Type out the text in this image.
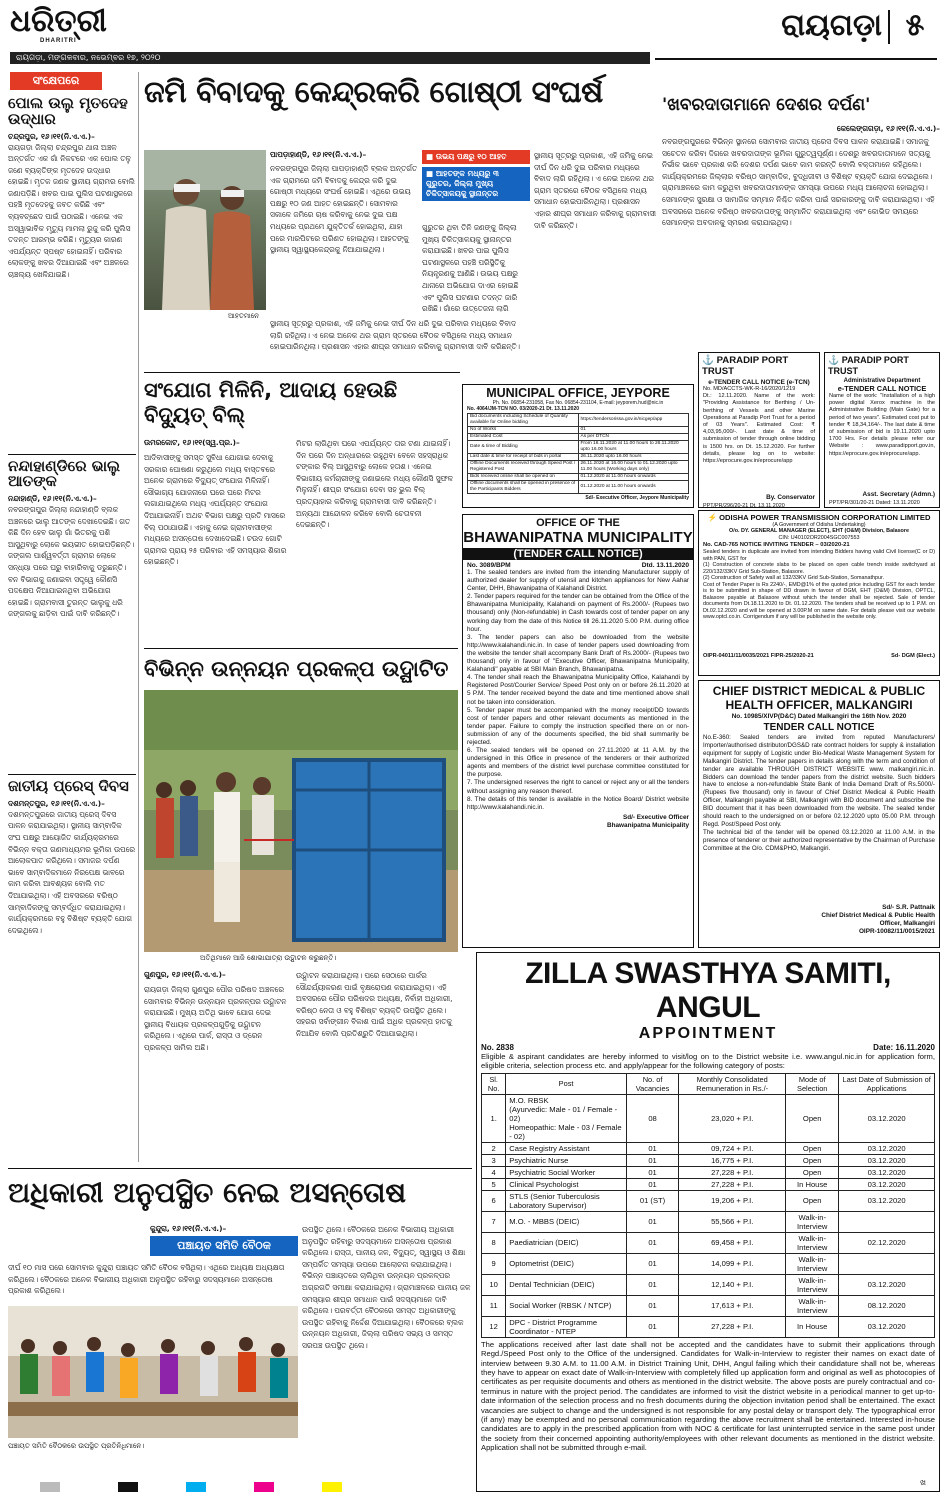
ଧରିତ୍ରୀ
DHARITRI
ରାୟଗଡ଼ା, ମଙ୍ଗଳବାର, ନଭେମ୍ବର ୧୭, ୨୦୨୦
ରାୟଗଡ଼ା ୫
ସଂକ୍ଷେପରେ
ପୋଲ ଉଲୁ ମୃତଦେହ ଉଦ୍ଧାର
ଚନ୍ଦ୍ରପୁର, ୧୬।୧୧(ନି.ଏ.ଏ.)–
ରାୟଗଡ଼ା ଜିଲ୍ଲା ଚନ୍ଦ୍ରପୁର ଥାନା ଅଞ୍ଚଳ ଅନ୍ତର୍ଗତ ଏକ ଗାଁ ନିକଟରେ ଏକ ପୋଲ ତଳୁ ଜଣେ ବ୍ୟକ୍ତିଙ୍କ ମୃତଦେହ ଉଦ୍ଧାର ହୋଇଛି। ମୃତକ ଜଣକ ସ୍ଥାନୀୟ ଗ୍ରାମର ବୋଲି ଜଣାପଡ଼ିଛି। ଖବର ପାଇ ପୁଲିସ ଘଟଣାସ୍ଥଳରେ ପହଞ୍ଚି ମୃତଦେହକୁ ଜବତ କରିଛି ଏବଂ ବ୍ୟବଚ୍ଛେଦ ପାଇଁ ପଠାଇଛି। ଏନେଇ ଏକ ଅସ୍ୱାଭାବିକ ମୃତ୍ୟୁ ମାମଲା ରୁଜୁ କରି ପୁଲିସ ତଦନ୍ତ ଆରମ୍ଭ କରିଛି। ମୃତ୍ୟୁର କାରଣ ଏପର୍ଯ୍ୟନ୍ତ ସ୍ପଷ୍ଟ ହୋଇନାହିଁ। ପରିବାର ଲୋକଙ୍କୁ ଖବର ଦିଆଯାଇଛି ଏବଂ ଅଞ୍ଚଳରେ ଚାଞ୍ଚଲ୍ୟ ଖେଳିଯାଇଛି।
ନନ୍ଦାହାଣ୍ଡିରେ ଭାଲୁ ଆତଙ୍କ
ନନ୍ଦାହାଣ୍ଡି, ୧୬।୧୧(ନି.ଏ.ଏ.)–
ନବରଙ୍ଗପୁର ଜିଲ୍ଲା ନନ୍ଦାହାଣ୍ଡି ବ୍ଲକ ଅଞ୍ଚଳରେ ଭାଲୁ ଆତଙ୍କ ଦେଖାଦେଇଛି। ଗତ କିଛି ଦିନ ହେବ ଭାଲୁ ଗାଁ ଭିତରକୁ ପଶି ଆସୁଥିବାରୁ ଲୋକେ ଭୟଭୀତ ହୋଇପଡ଼ିଛନ୍ତି। ଜଙ୍ଗଲ ପାର୍ଶ୍ୱବର୍ତ୍ତୀ ଗ୍ରାମର ଲୋକେ ସନ୍ଧ୍ୟା ପରେ ଘରୁ ବାହାରିବାକୁ ଡରୁଛନ୍ତି। ବନ ବିଭାଗକୁ ଜଣାଇବା ସତ୍ତ୍ୱେ କୌଣସି ପଦକ୍ଷେପ ନିଆଯାଇନଥିବା ଅଭିଯୋଗ ହୋଇଛି। ଗ୍ରାମବାସୀ ତୁରନ୍ତ ଭାଲୁକୁ ଧରି ଜଙ୍ଗଲକୁ ଛାଡ଼ିବା ପାଇଁ ଦାବି କରିଛନ୍ତି।
ଜାତୀୟ ପ୍ରେସ୍ ଦିବସ
ଦଶମନ୍ତପୁର, ୧୬।୧୧(ନି.ଏ.ଏ.)–
ଦଶମନ୍ତପୁରରେ ଜାତୀୟ ପ୍ରେସ୍ ଦିବସ ପାଳନ କରାଯାଇଥିଲା। ସ୍ଥାନୀୟ ସାମ୍ବାଦିକ ସଂଘ ପକ୍ଷରୁ ଆୟୋଜିତ କାର୍ଯ୍ୟକ୍ରମରେ ବିଭିନ୍ନ ବକ୍ତା ଗଣମାଧ୍ୟମର ଭୂମିକା ଉପରେ ଆଲୋକପାତ କରିଥିଲେ। ସମାଜର ଦର୍ପଣ ଭାବେ ସାମ୍ବାଦିକମାନେ ନିରପେକ୍ଷ ଭାବରେ କାମ କରିବା ଆବଶ୍ୟକ ବୋଲି ମତ ଦିଆଯାଇଥିଲା। ଏହି ଅବସରରେ ବରିଷ୍ଠ ସାମ୍ବାଦିକଙ୍କୁ ସମ୍ବର୍ଦ୍ଧିତ କରାଯାଇଥିଲା। କାର୍ଯ୍ୟକ୍ରମରେ ବହୁ ବିଶିଷ୍ଟ ବ୍ୟକ୍ତି ଯୋଗ ଦେଇଥିଲେ।
ଜମି ବିବାଦକୁ କେନ୍ଦ୍ରକରି ଗୋଷ୍ଠୀ ସଂଘର୍ଷ
ଆହତମାନେ
ପାପଡ଼ାହାଣ୍ଡି, ୧୬।୧୧(ନି.ଏ.ଏ.)–
ନବରଙ୍ଗପୁର ଜିଲ୍ଲା ପାପଡ଼ାହାଣ୍ଡି ବ୍ଲକ ଅନ୍ତର୍ଗତ ଏକ ଗ୍ରାମରେ ଜମି ବିବାଦକୁ କେନ୍ଦ୍ର କରି ଦୁଇ ଗୋଷ୍ଠୀ ମଧ୍ୟରେ ସଂଘର୍ଷ ହୋଇଛି। ଏଥିରେ ଉଭୟ ପକ୍ଷରୁ ୧୦ ଜଣ ଆହତ ହୋଇଛନ୍ତି। ସୋମବାର ସକାଳେ ଜମିରେ ଚାଷ କରିବାକୁ ନେଇ ଦୁଇ ପକ୍ଷ ମଧ୍ୟରେ ପ୍ରଥମେ ଯୁକ୍ତିତର୍କ ହୋଇଥିଲା, ଯାହା ପରେ ମାରପିଟରେ ପରିଣତ ହୋଇଥିଲା। ଆହତଙ୍କୁ ସ୍ଥାନୀୟ ସ୍ୱାସ୍ଥ୍ୟକେନ୍ଦ୍ରକୁ ନିଆଯାଇଥିଲା।
■ ଉଭୟ ପକ୍ଷରୁ ୧୦ ଆହତ
■ ଆହତଙ୍କ ମଧ୍ୟରୁ ୩ ଗୁରୁତର, ଜିଲ୍ଲା ମୁଖ୍ୟ ଚିକିତ୍ସାଳୟକୁ ସ୍ଥାନାନ୍ତର
ଗୁରୁତର ଥିବା ତିନି ଜଣଙ୍କୁ ଜିଲ୍ଲା ମୁଖ୍ୟ ଚିକିତ୍ସାଳୟକୁ ସ୍ଥାନାନ୍ତର କରାଯାଇଛି। ଖବର ପାଇ ପୁଲିସ ଘଟଣାସ୍ଥଳରେ ପହଞ୍ଚି ପରିସ୍ଥିତିକୁ ନିୟନ୍ତ୍ରଣକୁ ଆଣିଛି। ଉଭୟ ପକ୍ଷରୁ ଥାନାରେ ଅଭିଯୋଗ ଦାଏର ହୋଇଛି ଏବଂ ପୁଲିସ ଘଟଣାର ତଦନ୍ତ ଜାରି ରଖିଛି। ଗାଁରେ ଉତ୍ତେଜନା ଲାଗି
ସ୍ଥାନୀୟ ସୂତ୍ରରୁ ପ୍ରକାଶ, ଏହି ଜମିକୁ ନେଇ ଦୀର୍ଘ ଦିନ ଧରି ଦୁଇ ପରିବାର ମଧ୍ୟରେ ବିବାଦ ଲାଗି ରହିଥିଲା। ଏ ନେଇ ଅନେକ ଥର ଗ୍ରାମ ସ୍ତରରେ ବୈଠକ ବସିଥିଲେ ମଧ୍ୟ ସମାଧାନ ହୋଇପାରିନଥିଲା। ପ୍ରଶାସନ ଏହାର ଶୀଘ୍ର ସମାଧାନ କରିବାକୁ ଗ୍ରାମବାସୀ ଦାବି କରିଛନ୍ତି।
ସ୍ଥାନୀୟ ସୂତ୍ରରୁ ପ୍ରକାଶ, ଏହି ଜମିକୁ ନେଇ ଦୀର୍ଘ ଦିନ ଧରି ଦୁଇ ପରିବାର ମଧ୍ୟରେ ବିବାଦ ଲାଗି ରହିଥିଲା। ଏ ନେଇ ଅନେକ ଥର ଗ୍ରାମ ସ୍ତରରେ ବୈଠକ ବସିଥିଲେ ମଧ୍ୟ ସମାଧାନ ହୋଇପାରିନଥିଲା। ପ୍ରଶାସନ ଏହାର ଶୀଘ୍ର ସମାଧାନ କରିବାକୁ ଗ୍ରାମବାସୀ ଦାବି କରିଛନ୍ତି।
'ଖବରଦାତାମାନେ ଦେଶର ଦର୍ପଣ'
କେଲେଙ୍ଗଗଡ଼ା, ୧୬।୧୧(ନି.ଏ.ଏ.)–
ନବରଙ୍ଗପୁରରେ ବିଭିନ୍ନ ସ୍ଥାନରେ ସୋମବାର ଜାତୀୟ ପ୍ରେସ ଦିବସ ପାଳନ କରାଯାଇଛି। ସମାଜକୁ ସଚେତନ କରିବା ଦିଗରେ ଖବରଦାତାଙ୍କ ଭୂମିକା ଗୁରୁତ୍ୱପୂର୍ଣ୍ଣ। ଦେଶରୁ ଖବରଦାତାମାନେ ସତ୍ୟକୁ ନିର୍ଭୀକ ଭାବେ ପ୍ରକାଶ କରି ଦେଶର ଦର୍ପଣ ଭାବେ କାମ କରନ୍ତି ବୋଲି ବକ୍ତାମାନେ କହିଥିଲେ। କାର୍ଯ୍ୟକ୍ରମରେ ଜିଲ୍ଲାର ବରିଷ୍ଠ ସାମ୍ବାଦିକ, ବୁଦ୍ଧିଜୀବୀ ଓ ବିଶିଷ୍ଟ ବ୍ୟକ୍ତି ଯୋଗ ଦେଇଥିଲେ। ଗ୍ରାମାଞ୍ଚଳରେ କାମ କରୁଥିବା ଖବରଦାତାମାନଙ୍କ ସମସ୍ୟା ଉପରେ ମଧ୍ୟ ଆଲୋଚନା ହୋଇଥିଲା। ସେମାନଙ୍କ ସୁରକ୍ଷା ଓ ସାମାଜିକ ସମ୍ମାନ ନିଶ୍ଚିତ କରିବା ପାଇଁ ସରକାରଙ୍କୁ ଦାବି କରାଯାଇଥିଲା। ଏହି ଅବସରରେ ଅନେକ ବରିଷ୍ଠ ଖବରଦାତାଙ୍କୁ ସମ୍ମାନିତ କରାଯାଇଥିଲା ଏବଂ କୋଭିଡ ସମୟରେ ସେମାନଙ୍କ ଅବଦାନକୁ ସ୍ମରଣ କରାଯାଇଥିଲା।
ସଂଯୋଗ ମିଳିନି, ଆଦାୟ ହେଉଛି ବିଦ୍ୟୁତ୍ ବିଲ୍
ଉମରକୋଟ, ୧୬।୧୧(ସ୍ୱ.ପ୍ର.)–
ଆଦିବାସୀଙ୍କୁ ସମସ୍ତ ସୁବିଧା ଯୋଗାଇ ଦେବାକୁ ସରକାର ଘୋଷଣା କରୁଥିଲେ ମଧ୍ୟ ବାସ୍ତବରେ ଅନେକ ଗ୍ରାମରେ ବିଦ୍ୟୁତ୍ ସଂଯୋଗ ମିଳିନାହିଁ। ସୌଭାଗ୍ୟ ଯୋଜନାରେ ଘରେ ଘରେ ମିଟର ଲଗାଯାଇଥିଲେ ମଧ୍ୟ ଏପର୍ଯ୍ୟନ୍ତ ସଂଯୋଗ ଦିଆଯାଇନାହିଁ। ଅଥଚ ବିଭାଗ ପକ୍ଷରୁ ପ୍ରତି ମାସରେ ବିଲ୍ ପଠାଯାଉଛି। ଏହାକୁ ନେଇ ଗ୍ରାମବାସୀଙ୍କ ମଧ୍ୟରେ ଅସନ୍ତୋଷ ଦେଖାଦେଇଛି। ଚଉଦ ଗୋଟି ଗ୍ରାମର ପ୍ରାୟ ୨୫ ପରିବାର ଏହି ସମସ୍ୟାର ଶିକାର ହୋଇଛନ୍ତି।
ମିଟର ଲାଗିଥିବା ଘରେ ଏପର୍ଯ୍ୟନ୍ତ ତାର ଟଣା ଯାଇନାହିଁ। ଦିନ ପରେ ଦିନ ଅନ୍ଧାରରେ ରହୁଥିବା ବେଳେ ସହସ୍ରାଧିକ ଟଙ୍କାର ବିଲ୍ ଆସୁଥିବାରୁ ଲୋକେ ହତାଶ। ଏନେଇ ବିଭାଗୀୟ କର୍ମଚାରୀଙ୍କୁ ଜଣାଇଲେ ମଧ୍ୟ କୌଣସି ସୁଫଳ ମିଳୁନାହିଁ। ଶୀଘ୍ର ସଂଯୋଗ ଦେବା ସହ ଭୁଲ ବିଲ୍ ପ୍ରତ୍ୟାହାର କରିବାକୁ ଗ୍ରାମବାସୀ ଦାବି କରିଛନ୍ତି। ଅନ୍ୟଥା ଆନ୍ଦୋଳନ କରିବେ ବୋଲି ଚେତାବନୀ ଦେଇଛନ୍ତି।
MUNICIPAL OFFICE, JEYPORE
Ph. No. 06854-231058, Fax No. 06854-231104, E-mail: jeyporem.hud@nic.in
No. 4064/JM-TCN NO. 03/2020-21 Dt. 13.11.2020
Bid documents including Schedule of Quantity available for Online bidding	https://tendersorissa.gov.in/nicgep/app
No of Works	01
Estimated Cost	As per DTCN
Date & time of Bidding	From 16.11.2020 at 11.00 hours to 26.11.2020 upto 16.00 hours
Last date & time for receipt of bids in portal	26.11.2020 upto 16.00 hours
Offline Documents received through Speed Post / Registered Post	26.11.2020 at 16.00 hours to 01.12.2020 upto 11.00 hours (Working days only)
Bids received online shall be opened on	01.12.2020 at 11.00 hours onwards
Offline documents shall be opened in presence of the Participants Bidders	01.12.2020 at 11.00 hours onwards
Sd/- Executive Officer, Jeypore Municipality
⚓ PARADIP PORT TRUST
e-TENDER CALL NOTICE (e-TCN)
No. MD/ACCTS-WK-R-16/2020/1219
Dt.: 12.11.2020. Name of the work: "Providing Assistance for Berthing / Un-berthing of Vessels and other Marine Operations at Paradip Port Trust for a period of 03 Years". Estimated Cost: ₹ 4,03,95,000/-. Last date & time of submission of tender through online bidding is 1500 hrs. on Dt. 15.12.2020. For further details, please log on to website: https://eprocure.gov.in/eprocure/app
By. Conservator
PPT/PR/296/20-21 Dt. 13.11.2020
⚓ PARADIP PORT TRUST
Administrative Department
e-TENDER CALL NOTICE
Name of the work: "Installation of a high power digital Xerox machine in the Administrative Building (Main Gate) for a period of two years". Estimated cost put to tender ₹ 18,34,164/-. The last date & time of submission of bid is 19.11.2020 upto 1700 Hrs. For details please refer our Website : www.paradipport.gov.in, https://eprocure.gov.in/eprocure/app.
Asst. Secretary (Admn.)
PPT/PR/301/20-21 Dated: 13.11.2020
OFFICE OF THE
BHAWANIPATNA MUNICIPALITY
(TENDER CALL NOTICE)
No. 3089/BPM	Dtd. 13.11.2020
1. The sealed tenders are invited from the intending Manufacturer supply of authorized dealer for supply of utensil and kitchen appliances for New Aahar Center, DHH, Bhawanipatna of Kalahandi District.
2. Tender papers required for the tender can be obtained from the Office of the Bhawanipatna Municipality, Kalahandi on payment of Rs.2000/- (Rupees two thousand) only (Non-refundable) in Cash towards cost of tender paper on any working day from the date of this Notice till 26.11.2020 5.00 P.M. during office hour.
3. The tender papers can also be downloaded from the website http://www.kalahandi.nic.in. In case of tender papers used downloading from the website the tender shall accompany Bank Draft of Rs.2000/- (Rupees two thousand) only in favour of "Executive Officer, Bhawanipatna Municipality, Kalahandi" payable at SBI Main Branch, Bhawanipatna.
4. The tender shall reach the Bhawanipatna Municipality Office, Kalahandi by Registered Post/Courier Service/ Speed Post only on or before 26.11.2020 at 5 P.M. The tender received beyond the date and time mentioned above shall not be taken into consideration.
5. Tender paper must be accompanied with the money receipt/DD towards cost of tender papers and other relevant documents as mentioned in the tender paper. Failure to comply the instruction specified there on or non-submission of any of the documents specified, the bid shall summarily be rejected.
6. The sealed tenders will be opened on 27.11.2020 at 11 A.M. by the undersigned in this Office in presence of the tenderers or their authorized agents and members of the district level purchase committee constituted for the purpose.
7. The undersigned reserves the right to cancel or reject any or all the tenders without assigning any reason thereof.
8. The details of this tender is available in the Notice Board/ District website http://www.kalahandi.nic.in.
Sd/- Executive Officer
Bhawanipatna Municipality
⚡ ODISHA POWER TRANSMISSION CORPORATION LIMITED
(A Government of Odisha Undertaking)
O/o. DY. GENERAL MANAGER (ELECT), EHT (O&M) Division, Balasore
CIN: U40102OR2004SGC007553
No. CAD-765 NOTICE INVITING TENDER – 03/2020-21
Sealed tenders in duplicate are invited from intending Bidders having valid Civil license(C or D) with PAN, GST for
(1) Construction of concrete slabs to be placed on open cable trench inside switchyard at 220/132/33KV Grid Sub-Station, Balasore.
(2) Construction of Safety wall at 132/33KV Grid Sub-Station, Somanathpur.
Cost of Tender Paper is Rs 2240/-, EMD@1% of the quoted price including GST for each tender is to be submitted in shape of DD drawn in favour of DGM, EHT (O&M) Division, OPTCL, Balasore payable at Balasore without which the tender shall be rejected. Sale of tender documents from Dt.18.11.2020 to Dt. 01.12.2020. The tenders shall be received up to 1 P.M. on Dt.02.12.2020 and will be opened at 3.00P.M on same date. For details please visit our website www.optcl.co.in. Corrigendum if any will be published in the website only.
OIPR-04011/11/0035/2021 FIPR-25/2020-21	Sd- DGM (Elect.)
CHIEF DISTRICT MEDICAL & PUBLIC
HEALTH OFFICER, MALKANGIRI
No. 10985/XIVP(D&C) Dated Malkangiri the 16th Nov. 2020
TENDER CALL NOTICE
No.E-360: Sealed tenders are invited from reputed Manufacturers/ Importer/authorised distributor/DGS&D rate contract holders for supply & installation equipment for supply of Logistic under Bio-Medical Waste Management System for Malkangiri District. The tender papers in details along with the term and condition of tender are available THROUGH DISTRICT WEBSITE www. malkangiri.nic.in. Bidders can download the tender papers from the district website. Such bidders have to enclose a non-refundable State Bank of India Demand Draft of Rs.5000/- (Rupees five thousand) only in favour of Chief District Medical & Public Health Officer, Malkangiri payable at SBI, Malkangiri with BID document and subscribe the BID document that it has been downloaded from the website. The sealed tender should reach to the undersigned on or before 02.12.2020 upto 05.00 P.M. through Regd. Post/Speed Post only.
The technical bid of the tender will be opened 03.12.2020 at 11.00 A.M. in the presence of tenderer or their authorized representative by the Chairman of Purchase Committee at the O/o. CDM&PHO, Malkangiri.
Sd/- S.R. Pattnaik
Chief District Medical & Public Health
Officer, Malkangiri
OIPR-10082/11/0015/2021
ବିଭିନ୍ନ ଉନ୍ନୟନ ପ୍ରକଳ୍ପ ଉଦ୍ଘାଟିତ
ଅତିଥିମାନେ ଆଜି ଶୋଭାଯାତ୍ରା ଉଦ୍ଘାଟନ କରୁଛନ୍ତି।
ଗୁଣପୁର, ୧୬।୧୧(ନି.ଏ.ଏ.)–
ରାୟଗଡ଼ା ଜିଲ୍ଲା ଗୁଣପୁର ପୌର ପରିଷଦ ଅଞ୍ଚଳରେ ସୋମବାର ବିଭିନ୍ନ ଉନ୍ନୟନ ପ୍ରକଳ୍ପର ଉଦ୍ଘାଟନ କରାଯାଇଛି। ମୁଖ୍ୟ ଅତିଥି ଭାବେ ଯୋଗ ଦେଇ ସ୍ଥାନୀୟ ବିଧାୟକ ପ୍ରକଳ୍ପଗୁଡ଼ିକୁ ଉଦ୍ଘାଟନ କରିଥିଲେ। ଏଥିରେ ପାର୍କ, ରାସ୍ତା ଓ ଡ୍ରେନ ପ୍ରକଳ୍ପ ସାମିଲ ଅଛି।
ଉଦ୍ଘାଟନ କରାଯାଇଥିଲା। ପରେ ସେଠାରେ ପାର୍କର ସୌନ୍ଦର୍ଯ୍ୟୀକରଣ ପାଇଁ ବୃକ୍ଷରୋପଣ କରାଯାଇଥିଲା। ଏହି ଅବସରରେ ପୌର ପରିଷଦର ଅଧ୍ୟକ୍ଷ, ନିର୍ବାହୀ ଅଧିକାରୀ, ବରିଷ୍ଠ ନେତା ଓ ବହୁ ବିଶିଷ୍ଟ ବ୍ୟକ୍ତି ଉପସ୍ଥିତ ଥିଲେ। ସହରର ସର୍ବାଙ୍ଗୀନ ବିକାଶ ପାଇଁ ଅଧିକ ପ୍ରକଳ୍ପ ହାତକୁ ନିଆଯିବ ବୋଲି ପ୍ରତିଶ୍ରୁତି ଦିଆଯାଇଥିଲା।
ZILLA SWASTHYA SAMITI, ANGUL
APPOINTMENT
No. 2838	Date: 16.11.2020
Eligible & aspirant candidates are hereby informed to visit/log on to the District website i.e. www.angul.nic.in for application form, eligible criteria, selection process etc. and apply/appear for the following category of posts:
Sl. No.	Post	No. of Vacancies	Monthly Consolidated Remuneration in Rs./-	Mode of Selection	Last Date of Submission of Applications
1.	M.O. RBSK
(Ayurvedic: Male - 01 / Female - 02)
Homeopathic: Male - 03 / Female - 02)	08	23,020 + P.I.	Open	03.12.2020
2	Case Registry Assistant	01	09,724 + P.I.	Open	03.12.2020
3	Psychiatric Nurse	01	16,775 + P.I.	Open	03.12.2020
4	Psychiatric Social Worker	01	27,228 + P.I.	Open	03.12.2020
5	Clinical Psychologist	01	27,228 + P.I.	In House	03.12.2020
6	STLS (Senior Tuberculosis Laboratory Supervisor)	01 (ST)	19,206 + P.I.	Open	03.12.2020
7	M.O. - MBBS (DEIC)	01	55,566 + P.I.	Walk-in-Interview	
8	Paediatrician (DEIC)	01	69,458 + P.I.	Walk-in-Interview	02.12.2020
9	Optometrist (DEIC)	01	14,099 + P.I.	Walk-in-Interview	
10	Dental Technician (DEIC)	01	12,140 + P.I.	Walk-in-Interview	03.12.2020
11	Social Worker (RBSK / NTCP)	01	17,613 + P.I.	Walk-in-Interview	08.12.2020
12	DPC - District Programme Coordinator - NTEP	01	27,228 + P.I.	In House	03.12.2020
The applications received after last date shall not be accepted and the candidates have to submit their applications through Regd./Speed Post only to the Office of the undersigned. Candidates for Walk-in-Interview to register their names on exact date of interview between 9.30 A.M. to 11.00 A.M. in District Training Unit, DHH, Angul failing which their candidature shall not be, whereas they have to appear on exact date of Walk-in-Interview with completely filled up application form and original as well as photocopies of certificates as per requisite documents and others as mentioned in the district website. The above posts are purely contractual and co-terminus in nature with the project period. The candidates are informed to visit the district website in a periodical manner to get up-to-date information of the selection process and no fresh documents during the objection invitation period shall be entertained. The exact vacancies are subject to change and the undersigned is not responsible for any postal delay or transport dely. The typographical error (if any) may be exempted and no personal communication regarding the above recruitment shall be entertained. Interested in-house candidates are to apply in the prescribed application from with NOC & certificate for last uninterrupted service in the same post under the society from their concerned appointing authority/employees with other relevant documents as mentioned in the district website. Application shall not be submitted through e-mail.
ଅଧିକାରୀ ଅନୁପସ୍ଥିତ ନେଇ ଅସନ୍ତୋଷ
କୁନ୍ଦୁରା, ୧୬।୧୧(ନି.ଏ.ଏ.)–
ପଞ୍ଚାୟତ ସମିତି ବୈଠକ
ଦୀର୍ଘ ୧୦ ମାସ ପରେ ସୋମବାର କୁନ୍ଦୁରା ପଞ୍ଚାୟତ ସମିତି ବୈଠକ ବସିଥିଲା। ଏଥିରେ ଅଧ୍ୟକ୍ଷ ଅଧ୍ୟକ୍ଷତା କରିଥିଲେ। ବୈଠକରେ ଅନେକ ବିଭାଗୀୟ ଅଧିକାରୀ ଅନୁପସ୍ଥିତ ରହିବାରୁ ସଦସ୍ୟମାନେ ଅସନ୍ତୋଷ ପ୍ରକାଶ କରିଥିଲେ।
ଉପସ୍ଥିତ ଥିଲେ। ବୈଠକରେ ଅନେକ ବିଭାଗୀୟ ଅଧିକାରୀ ଅନୁପସ୍ଥିତ ରହିବାରୁ ସଦସ୍ୟମାନେ ଅସନ୍ତୋଷ ପ୍ରକାଶ କରିଥିଲେ। ରାସ୍ତା, ପାନୀୟ ଜଳ, ବିଦ୍ୟୁତ୍, ସ୍ୱାସ୍ଥ୍ୟ ଓ ଶିକ୍ଷା ସମ୍ପର୍କିତ ସମସ୍ୟା ଉପରେ ଆଲୋଚନା କରାଯାଇଥିଲା। ବିଭିନ୍ନ ପଞ୍ଚାୟତରେ ଚାଲିଥିବା ଉନ୍ନୟନ ପ୍ରକଳ୍ପର ଅଗ୍ରଗତି ସମୀକ୍ଷା କରାଯାଇଥିଲା। ଗ୍ରାମାଞ୍ଚଳରେ ପାନୀୟ ଜଳ ସମସ୍ୟାର ଶୀଘ୍ର ସମାଧାନ ପାଇଁ ସଦସ୍ୟମାନେ ଦାବି କରିଥିଲେ। ପରବର୍ତ୍ତୀ ବୈଠକରେ ସମସ୍ତ ଅଧିକାରୀଙ୍କୁ ଉପସ୍ଥିତ ରହିବାକୁ ନିର୍ଦ୍ଦେଶ ଦିଆଯାଇଥିଲା। ବୈଠକରେ ବ୍ଲକ ଉନ୍ନୟନ ଅଧିକାରୀ, ଜିଲ୍ଲା ପରିଷଦ ସଭ୍ୟ ଓ ସମସ୍ତ ସରପଞ୍ଚ ଉପସ୍ଥିତ ଥିଲେ।
ପଞ୍ଚାୟତ ସମିତି ବୈଠକରେ ଉପସ୍ଥିତ ପ୍ରତିନିଧିମାନେ।
ଖ
